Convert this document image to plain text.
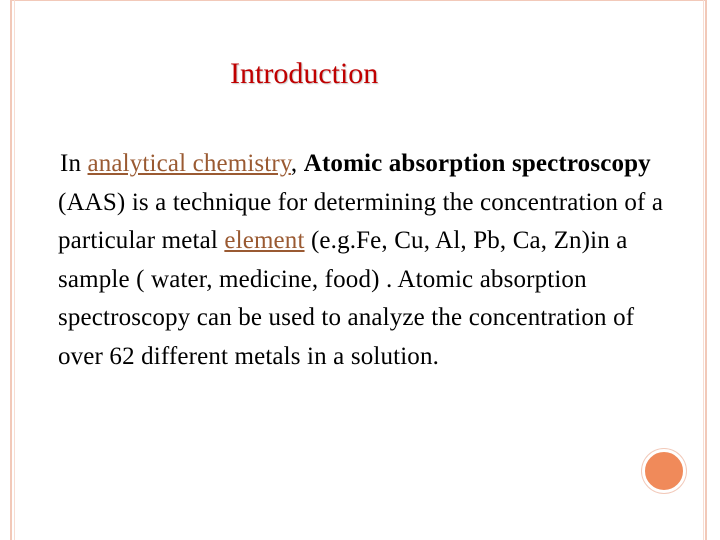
Introduction
In analytical chemistry, Atomic absorption spectroscopy (AAS) is a technique for determining the concentration of a particular metal element (e.g.Fe, Cu, Al, Pb, Ca, Zn)in a sample ( water, medicine, food) . Atomic absorption spectroscopy can be used to analyze the concentration of over 62 different metals in a solution.
